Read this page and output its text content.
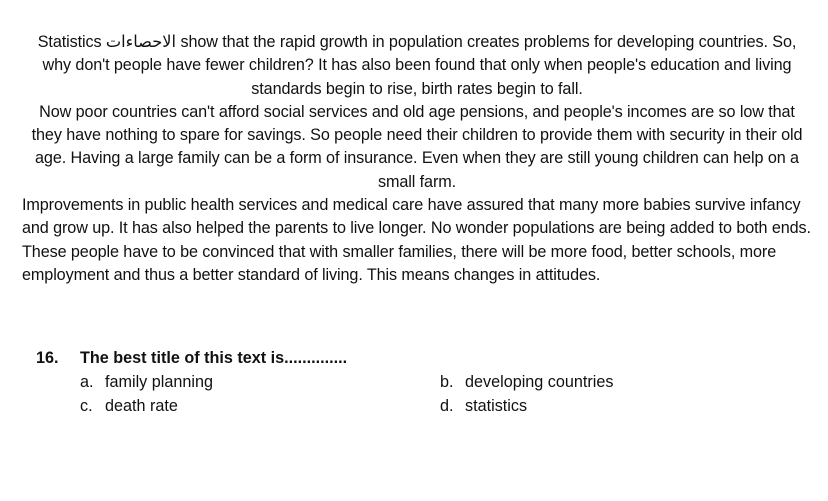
Statistics الاحصاءات show that the rapid growth in population creates problems for developing countries. So, why don't people have fewer children? It has also been found that only when people's education and living standards begin to rise, birth rates begin to fall.
Now poor countries can't afford social services and old age pensions, and people's incomes are so low that they have nothing to spare for savings. So people need their children to provide them with security in their old age. Having a large family can be a form of insurance. Even when they are still young children can help on a small farm.
Improvements in public health services and medical care have assured that many more babies survive infancy and grow up. It has also helped the parents to live longer. No wonder populations are being added to both ends. These people have to be convinced that with smaller families, there will be more food, better schools, more employment and thus a better standard of living. This means changes in attitudes.
16.	The best title of this text is..............
a. family planning	b. developing countries
c. death rate	d. statistics
